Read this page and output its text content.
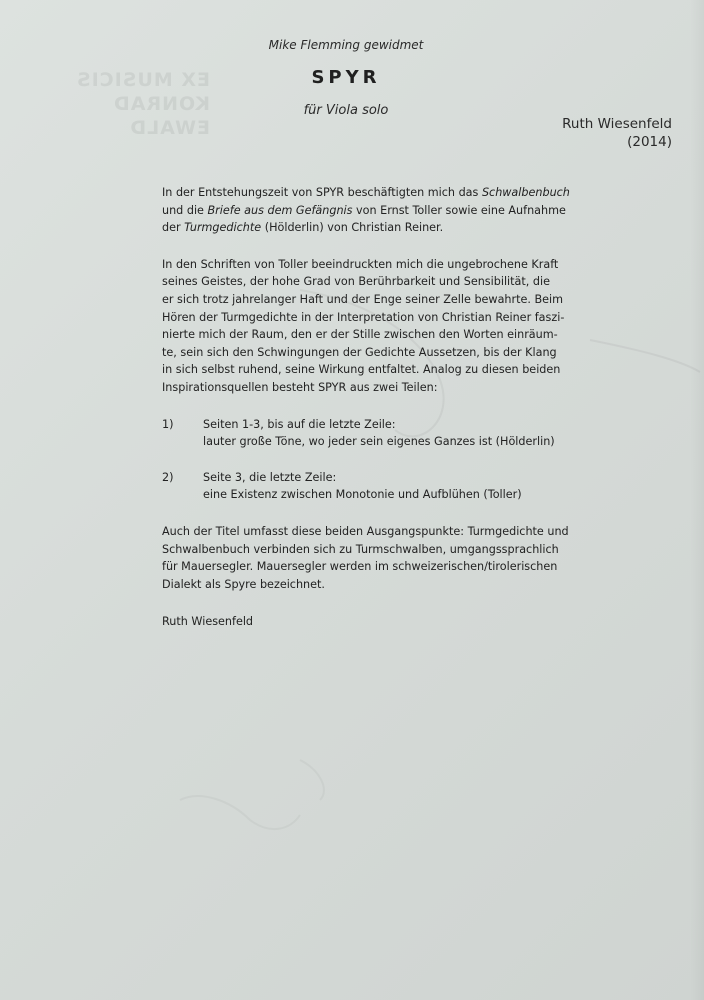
EX MUSICIS
KONRAD EWALD
Mike Flemming gewidmet
SPYR
für Viola solo
Ruth Wiesenfeld
(2014)
In der Entstehungszeit von SPYR beschäftigten mich das Schwalbenbuch
und die Briefe aus dem Gefängnis von Ernst Toller sowie eine Aufnahme
der Turmgedichte (Hölderlin) von Christian Reiner.
In den Schriften von Toller beeindruckten mich die ungebrochene Kraft
seines Geistes, der hohe Grad von Berührbarkeit und Sensibilität, die
er sich trotz jahrelanger Haft und der Enge seiner Zelle bewahrte. Beim
Hören der Turmgedichte in der Interpretation von Christian Reiner faszi-
nierte mich der Raum, den er der Stille zwischen den Worten einräum-
te, sein sich den Schwingungen der Gedichte Aussetzen, bis der Klang
in sich selbst ruhend, seine Wirkung entfaltet. Analog zu diesen beiden
Inspirationsquellen besteht SPYR aus zwei Teilen:
1)	Seiten 1-3, bis auf die letzte Zeile:
lauter große Töne, wo jeder sein eigenes Ganzes ist (Hölderlin)
2)	Seite 3, die letzte Zeile:
eine Existenz zwischen Monotonie und Aufblühen (Toller)
Auch der Titel umfasst diese beiden Ausgangspunkte: Turmgedichte und
Schwalbenbuch verbinden sich zu Turmschwalben, umgangssprachlich
für Mauersegler. Mauersegler werden im schweizerischen/tirolerischen
Dialekt als Spyre bezeichnet.
Ruth Wiesenfeld
